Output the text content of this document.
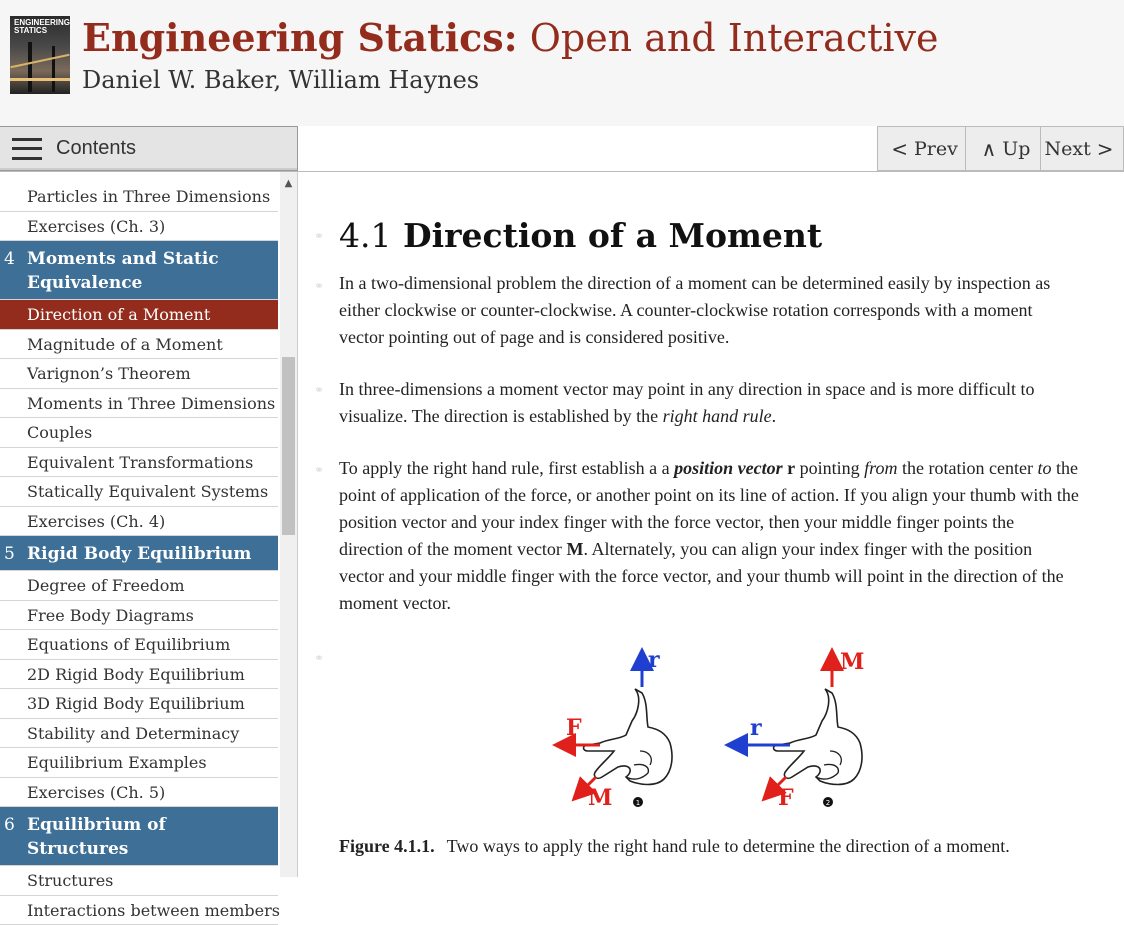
ENGINEERING STATICS Engineering Statics: Open and Interactive
Daniel W. Baker, William Haynes
Contents	< Prev ∧ Up Next >
Particles in Three Dimensions
Exercises (Ch. 3)
4 Moments and Static Equivalence
Direction of a Moment
Magnitude of a Moment
Varignon’s Theorem
Moments in Three Dimensions
Couples
Equivalent Transformations
Statically Equivalent Systems
Exercises (Ch. 4)
5 Rigid Body Equilibrium
Degree of Freedom
Free Body Diagrams
Equations of Equilibrium
2D Rigid Body Equilibrium
3D Rigid Body Equilibrium
Stability and Determinacy
Equilibrium Examples
Exercises (Ch. 5)
6 Equilibrium of Structures
Structures
Interactions between members
▲
⚭ 4.1 Direction of a Moment
⚭ In a two-dimensional problem the direction of a moment can be determined easily by inspection as either clockwise or counter-clockwise. A counter-clockwise rotation corresponds with a moment vector pointing out of page and is considered positive.

⚭ In three-dimensions a moment vector may point in any direction in space and is more difficult to visualize. The direction is established by the right hand rule.

⚭ To apply the right hand rule, first establish a a position vector r pointing from the rotation center to the point of application of the force, or another point on its line of action. If you align your thumb with the position vector and your index finger with the force vector, then your middle finger points the direction of the moment vector M. Alternately, you can align your index finger with the position vector and your middle finger with the force vector, and your thumb will point in the direction of the moment vector.

⚭	r
F
M	1
M
r
F	2
Figure 4.1.1. Two ways to apply the right hand rule to determine the direction of a moment.
